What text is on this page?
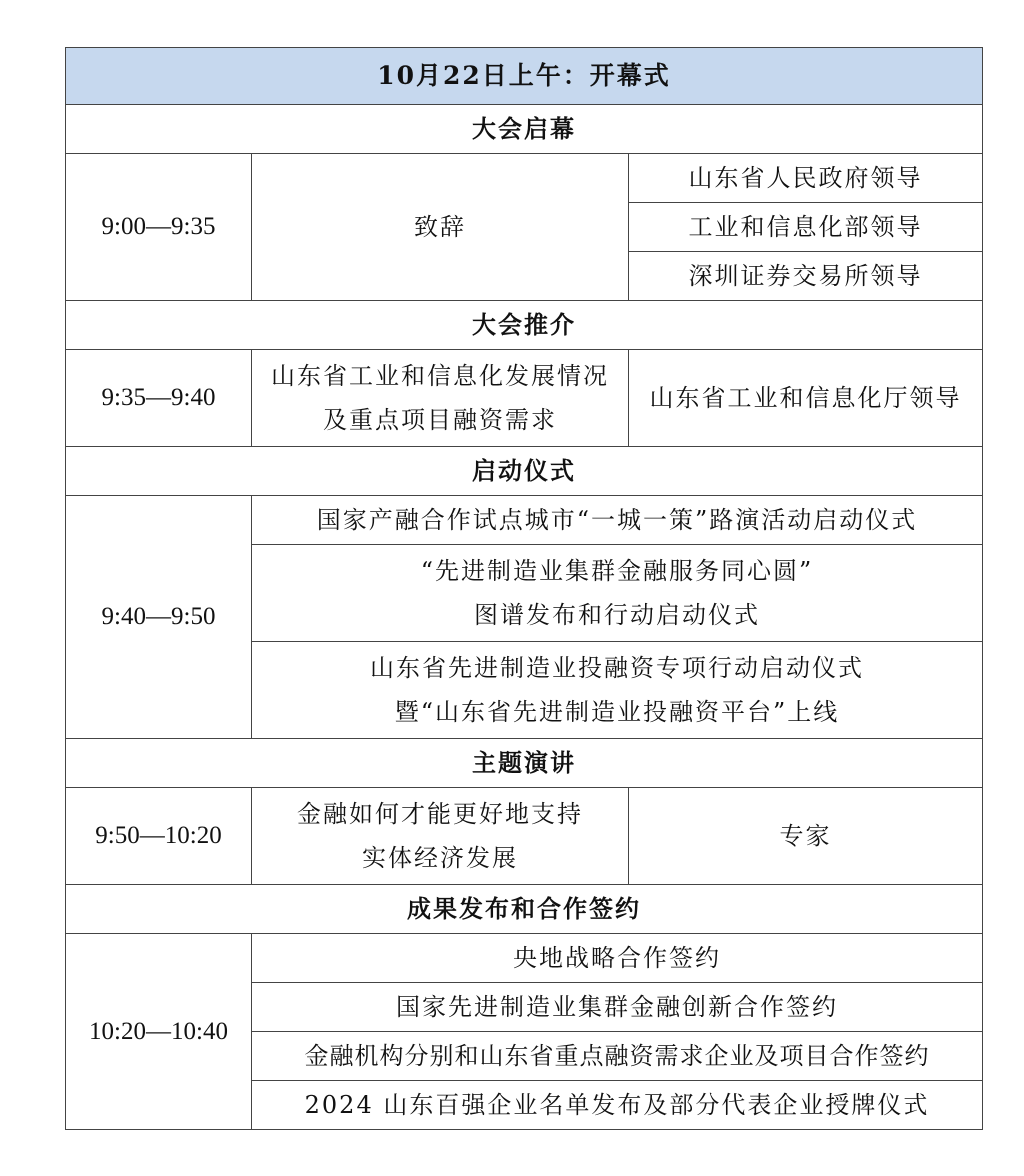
10月22日上午：开幕式		
大会启幕		
9:00—9:35	致辞	山东省人民政府领导
		工业和信息化部领导
		深圳证券交易所领导
大会推介		
9:35—9:40	山东省工业和信息化发展情况
及重点项目融资需求	山东省工业和信息化厅领导
启动仪式		
9:40—9:50	国家产融合作试点城市“一城一策”路演活动启动仪式	

	“先进制造业集群金融服务同心圆”
图谱发布和行动启动仪式	

	山东省先进制造业投融资专项行动启动仪式
暨“山东省先进制造业投融资平台”上线	

主题演讲		
9:50—10:20	金融如何才能更好地支持
实体经济发展	专家
成果发布和合作签约		
10:20—10:40	央地战略合作签约	
	国家先进制造业集群金融创新合作签约	
	金融机构分别和山东省重点融资需求企业及项目合作签约	
	2024 山东百强企业名单发布及部分代表企业授牌仪式	
